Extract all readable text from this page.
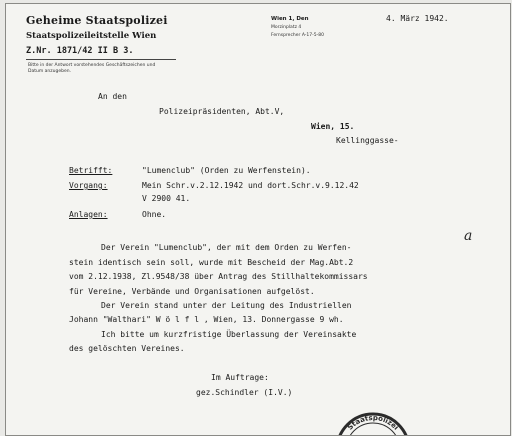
Geheime Staatspolizei
Staatspolizeileitstelle Wien
Z.Nr. 1871/42 II B 3.
Bitte in der Antwort vorstehendes Geschäftszeichen und
Datum anzugeben.
Wien 1, Den
Morzinplatz 4
Fernsprecher A-17-5-80
4. März 1942.
An den
Polizeipräsidenten, Abt.V,
Wien, 15.
Kellinggasse-
Betrifft:	"Lumenclub" (Orden zu Werfenstein).
Vorgang:	Mein Schr.v.2.12.1942 und dort.Schr.v.9.12.42
V 2900 41.
Anlagen:	Ohne.
Der Verein "Lumenclub", der mit dem Orden zu Werfen-
stein identisch sein soll, wurde mit Bescheid der Mag.Abt.2
vom 2.12.1938, Zl.9548/38 über Antrag des Stillhaltekommissars
für Vereine, Verbände und Organisationen aufgelöst.
Der Verein stand unter der Leitung des Industriellen
Johann "Walthari" W ö l f l , Wien, 13. Donnergasse 9 wh.
Ich bitte um kurzfristige Überlassung der Vereinsakte
des gelöschten Vereines.
Im Auftrage:
gez.Schindler (I.V.)
a
Staatspolizei
